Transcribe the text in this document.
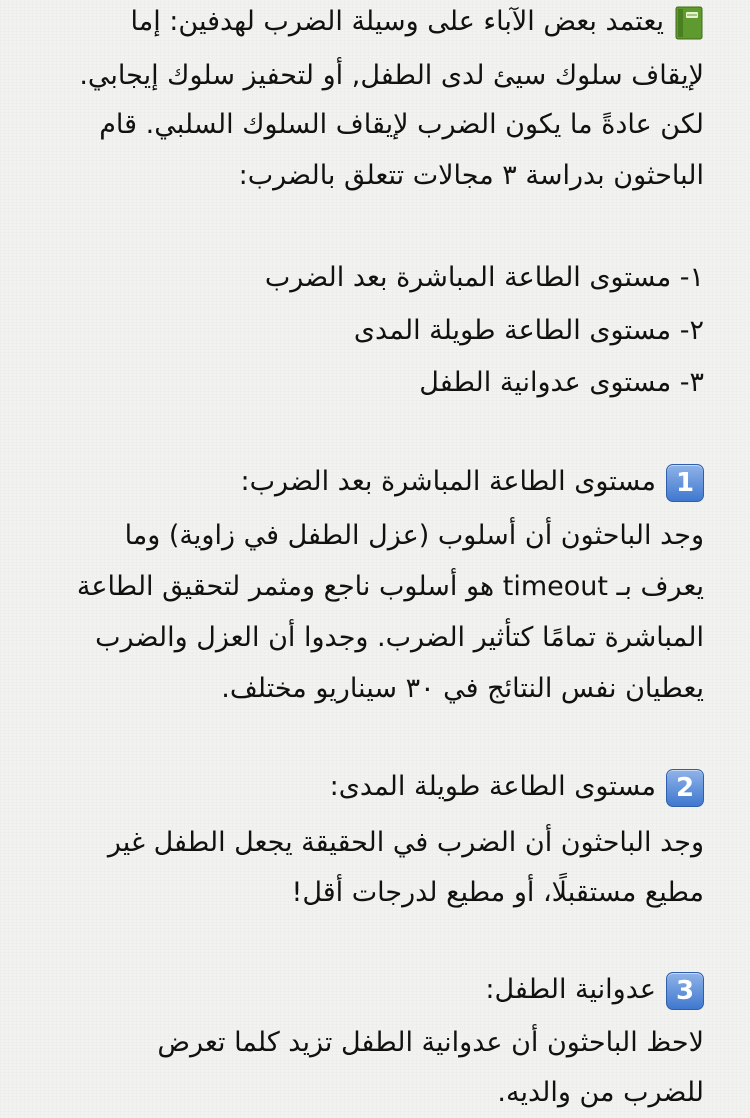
يعتمد بعض الآباء على وسيلة الضرب لهدفين: إما
لإيقاف سلوك سيئ لدى الطفل, أو لتحفيز سلوك إيجابي.
لكن عادةً ما يكون الضرب لإيقاف السلوك السلبي. قام
الباحثون بدراسة ٣ مجالات تتعلق بالضرب:
١- مستوى الطاعة المباشرة بعد الضرب
٢- مستوى الطاعة طويلة المدى
٣- مستوى عدوانية الطفل
1مستوى الطاعة المباشرة بعد الضرب:
وجد الباحثون أن أسلوب (عزل الطفل في زاوية) وما
يعرف بـ timeout هو أسلوب ناجع ومثمر لتحقيق الطاعة
المباشرة تمامًا كتأثير الضرب. وجدوا أن العزل والضرب
يعطيان نفس النتائج في ٣٠ سيناريو مختلف.
2مستوى الطاعة طويلة المدى:
وجد الباحثون أن الضرب في الحقيقة يجعل الطفل غير
مطيع مستقبلًا، أو مطيع لدرجات أقل!
3عدوانية الطفل:
لاحظ الباحثون أن عدوانية الطفل تزيد كلما تعرض
للضرب من والديه.
